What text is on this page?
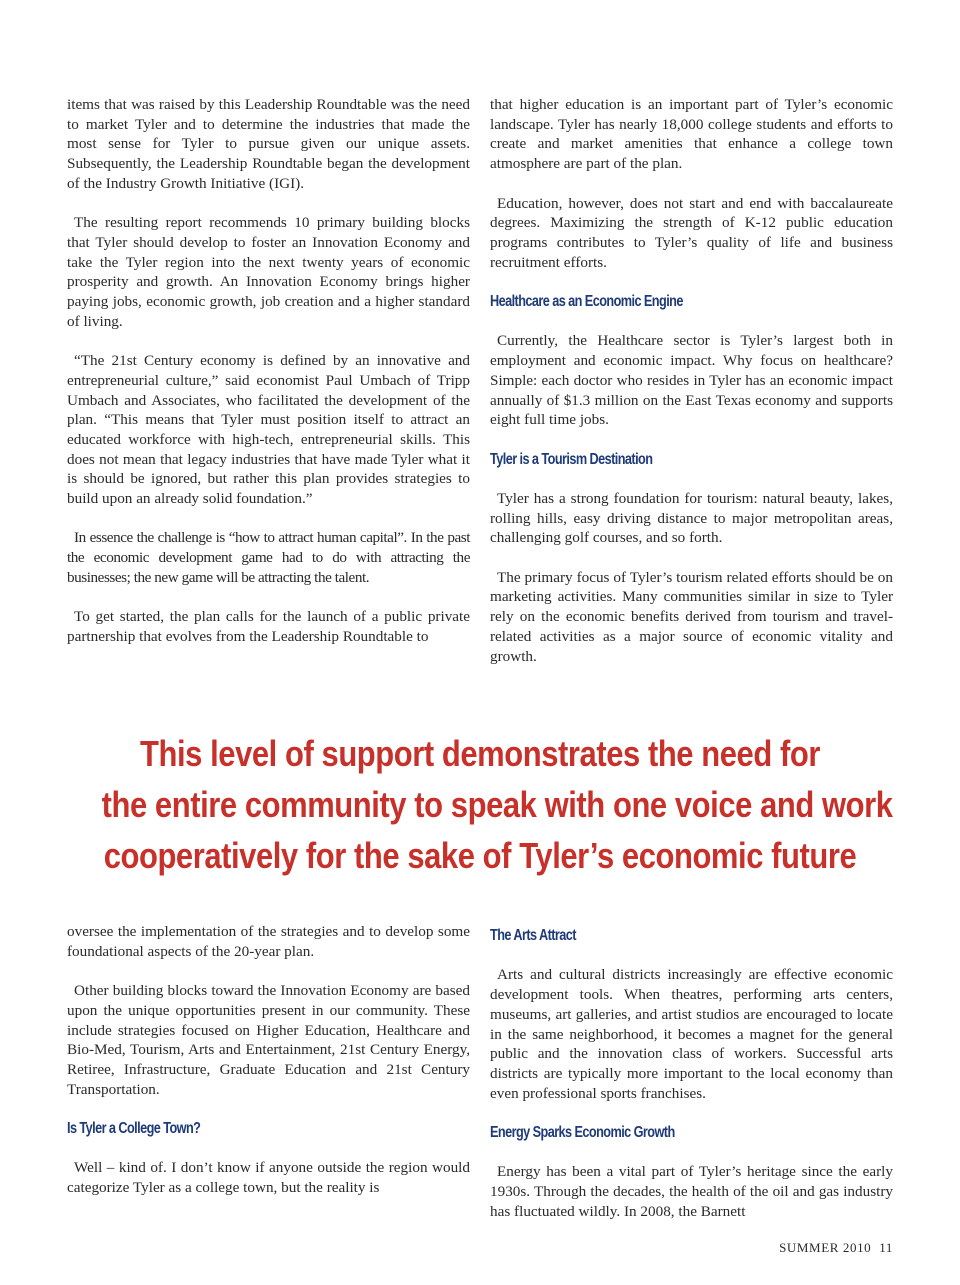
items that was raised by this Leadership Roundtable was the need to market Tyler and to determine the industries that made the most sense for Tyler to pursue given our unique assets. Subsequently, the Leadership Roundtable began the development of the Industry Growth Initiative (IGI).

The resulting report recommends 10 primary building blocks that Tyler should develop to foster an Innovation Economy and take the Tyler region into the next twenty years of economic prosperity and growth. An Innovation Economy brings higher paying jobs, economic growth, job creation and a higher standard of living.

“The 21st Century economy is defined by an innovative and entrepreneurial culture,” said economist Paul Umbach of Tripp Umbach and Associates, who facilitated the development of the plan. “This means that Tyler must position itself to attract an educated workforce with high-tech, entrepreneurial skills. This does not mean that legacy industries that have made Tyler what it is should be ignored, but rather this plan provides strategies to build upon an already solid foundation.”

In essence the challenge is “how to attract human capital”. In the past the economic development game had to do with attracting the businesses; the new game will be attracting the talent.

To get started, the plan calls for the launch of a public private partnership that evolves from the Leadership Roundtable to

that higher education is an important part of Tyler’s economic landscape. Tyler has nearly 18,000 college students and efforts to create and market amenities that enhance a college town atmosphere are part of the plan.

Education, however, does not start and end with baccalaureate degrees. Maximizing the strength of K-12 public education programs contributes to Tyler’s quality of life and business recruitment efforts.

Healthcare as an Economic Engine

Currently, the Healthcare sector is Tyler’s largest both in employment and economic impact. Why focus on healthcare? Simple: each doctor who resides in Tyler has an economic impact annually of $1.3 million on the East Texas economy and supports eight full time jobs.

Tyler is a Tourism Destination

Tyler has a strong foundation for tourism: natural beauty, lakes, rolling hills, easy driving distance to major metropolitan areas, challenging golf courses, and so forth.

The primary focus of Tyler’s tourism related efforts should be on marketing activities. Many communities similar in size to Tyler rely on the economic benefits derived from tourism and travel-related activities as a major source of economic vitality and growth.

This level of support demonstrates the need for
the entire community to speak with one voice and work
cooperatively for the sake of Tyler’s economic future

oversee the implementation of the strategies and to develop some foundational aspects of the 20-year plan.

Other building blocks toward the Innovation Economy are based upon the unique opportunities present in our community. These include strategies focused on Higher Education, Healthcare and Bio-Med, Tourism, Arts and Entertainment, 21st Century Energy, Retiree, Infrastructure, Graduate Education and 21st Century Transportation.

Is Tyler a College Town?

Well – kind of. I don’t know if anyone outside the region would categorize Tyler as a college town, but the reality is

The Arts Attract

Arts and cultural districts increasingly are effective economic development tools. When theatres, performing arts centers, museums, art galleries, and artist studios are encouraged to locate in the same neighborhood, it becomes a magnet for the general public and the innovation class of workers. Successful arts districts are typically more important to the local economy than even professional sports franchises.

Energy Sparks Economic Growth

Energy has been a vital part of Tyler’s heritage since the early 1930s. Through the decades, the health of the oil and gas industry has fluctuated wildly. In 2008, the Barnett

SUMMER 2010 11
